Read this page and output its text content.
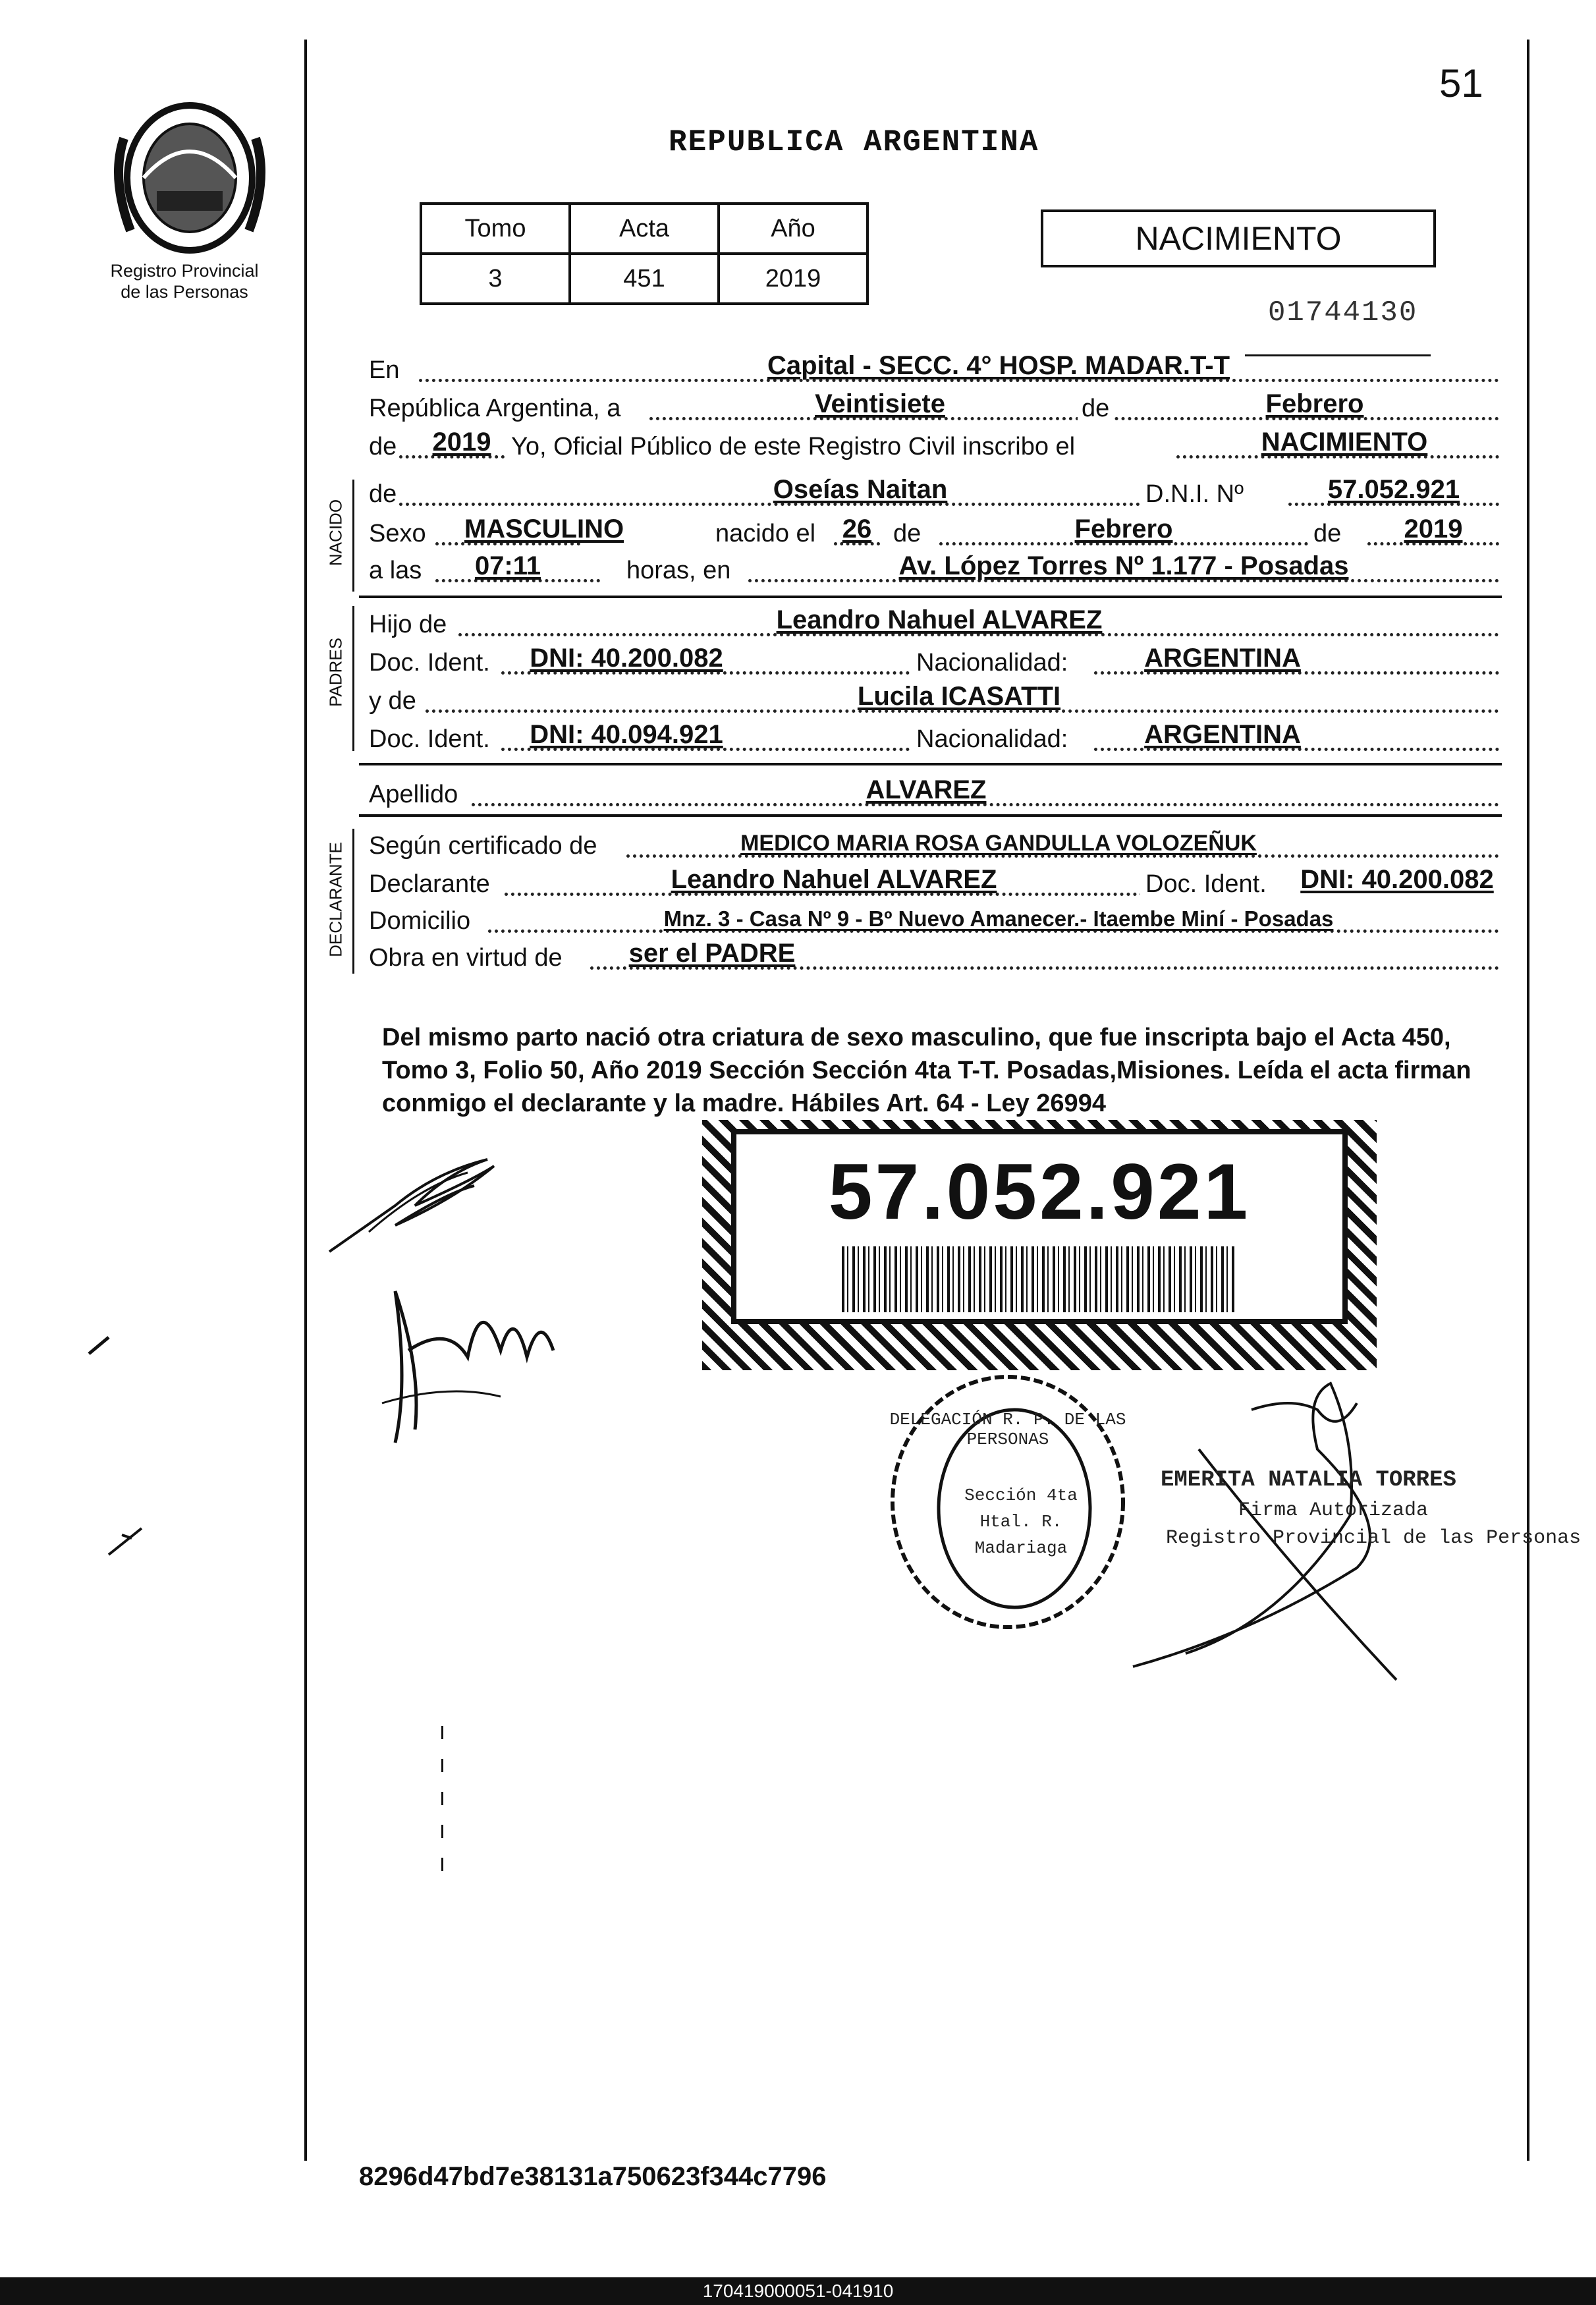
51
Registro Provincial
de las Personas
REPUBLICA ARGENTINA
Tomo	Acta	Año
3	451	2019
NACIMIENTO
01744130
En	Capital - SECC. 4° HOSP. MADAR.T-T
República Argentina, a	Veintisiete	de	Febrero
de	2019 Yo, Oficial Público de este Registro Civil inscribo el	NACIMIENTO
NACIDO
de	Oseías Naitan	D.N.I. Nº	57.052.921
Sexo	MASCULINO	nacido el	26 de	Febrero	de	2019
a las	07:11	horas, en	Av. López Torres Nº 1.177 - Posadas
PADRES
Hijo de	Leandro Nahuel ALVAREZ
Doc. Ident.	DNI: 40.200.082	Nacionalidad:	ARGENTINA
y de	Lucila ICASATTI
Doc. Ident.	DNI: 40.094.921	Nacionalidad:	ARGENTINA
Apellido	ALVAREZ
DECLARANTE Según certificado de	MEDICO MARIA ROSA GANDULLA VOLOZEÑUK
Declarante	Leandro Nahuel ALVAREZ	Doc. Ident.	DNI: 40.200.082
Domicilio	Mnz. 3 - Casa Nº 9 - Bº Nuevo Amanecer.- Itaembe Miní - Posadas
Obra en virtud de	ser el PADRE
Del mismo parto nació otra criatura de sexo masculino, que fue inscripta bajo el Acta 450, Tomo 3, Folio 50, Año 2019 Sección Sección 4ta T-T. Posadas,Misiones. Leída el acta firman conmigo el declarante y la madre. Hábiles Art. 64 - Ley 26994
57.052.921
DELEGACIÓN R. P. DE LAS PERSONAS
Sección 4ta Htal. R. Madariaga
EMERITA NATALIA TORRES
Firma Autorizada
Registro Provincial de las Personas
8296d47bd7e38131a750623f344c7796
170419000051-041910
